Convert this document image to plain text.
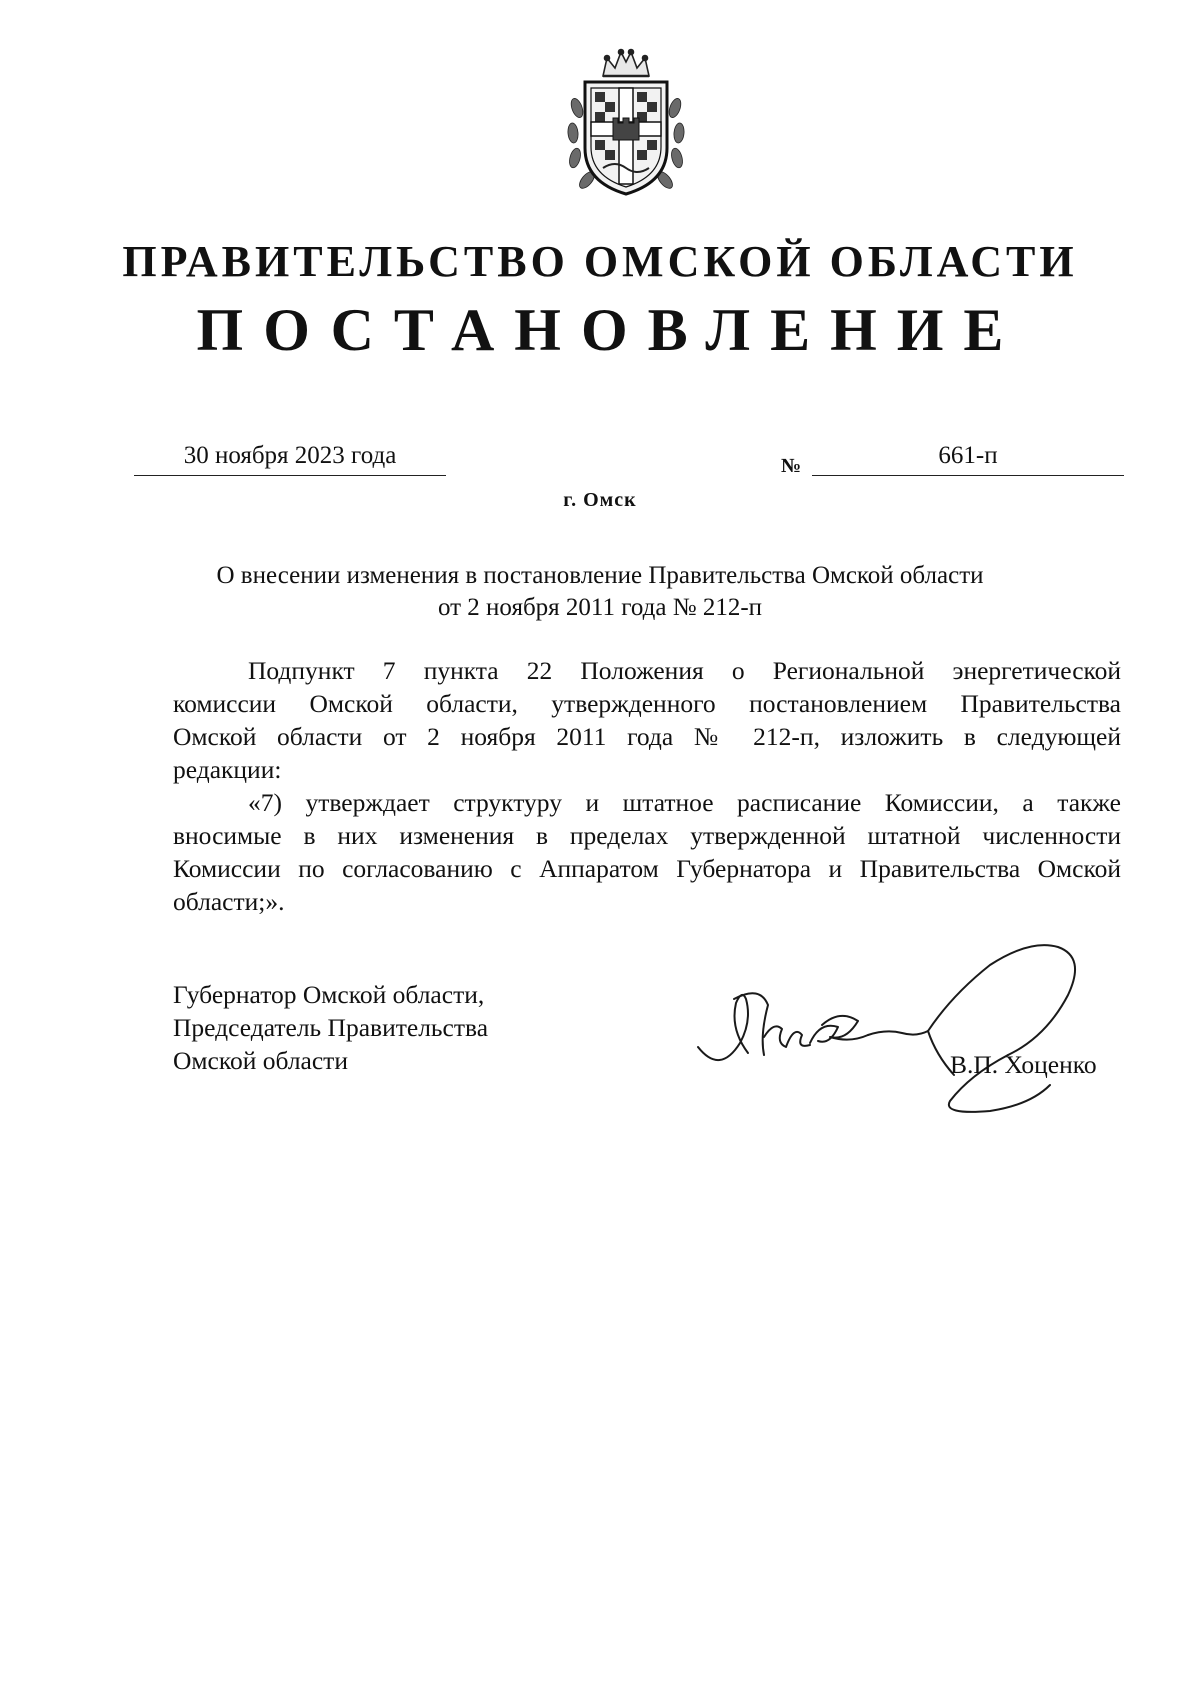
ПРАВИТЕЛЬСТВО ОМСКОЙ ОБЛАСТИ
ПОСТАНОВЛЕНИЕ
30 ноября 2023 года	№	661-п
г. Омск
О внесении изменения в постановление Правительства Омской области
от 2 ноября 2011 года № 212-п
Подпункт 7 пункта 22 Положения о Региональной энергетической
комиссии Омской области, утвержденного постановлением Правительства
Омской области от 2 ноября 2011 года № 212-п, изложить в следующей
редакции:
«7) утверждает структуру и штатное расписание Комиссии, а также
вносимые в них изменения в пределах утвержденной штатной численности
Комиссии по согласованию с Аппаратом Губернатора и Правительства Омской
области;».
Губернатор Омской области,
Председатель Правительства
Омской области	В.П. Хоценко
